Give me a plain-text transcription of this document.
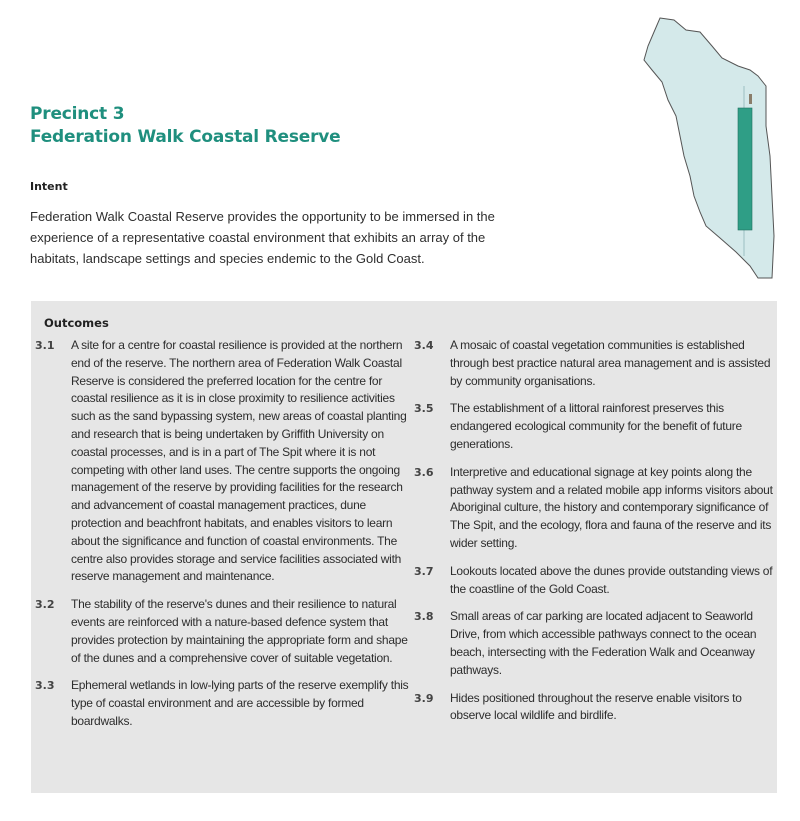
Precinct 3
Federation Walk Coastal Reserve
Intent
Federation Walk Coastal Reserve provides the opportunity to be immersed in the
experience of a representative coastal environment that exhibits an array of the
habitats, landscape settings and species endemic to the Gold Coast.
Outcomes
3.1 A site for a centre for coastal resilience is provided at the northern end of the reserve. The northern area of Federation Walk Coastal Reserve is considered the preferred location for the centre for coastal resilience as it is in close proximity to resilience activities such as the sand bypassing system, new areas of coastal planting and research that is being undertaken by Griffith University on coastal processes, and is in a part of The Spit where it is not competing with other land uses. The centre supports the ongoing management of the reserve by providing facilities for the research and advancement of coastal management practices, dune protection and beachfront habitats, and enables visitors to learn about the significance and function of coastal environments. The centre also provides storage and service facilities associated with reserve management and maintenance.
3.2 The stability of the reserve's dunes and their resilience to natural events are reinforced with a nature-based defence system that provides protection by maintaining the appropriate form and shape of the dunes and a comprehensive cover of suitable vegetation.
3.3 Ephemeral wetlands in low-lying parts of the reserve exemplify this type of coastal environment and are accessible by formed boardwalks.
3.4 A mosaic of coastal vegetation communities is established through best practice natural area management and is assisted by community organisations.
3.5 The establishment of a littoral rainforest preserves this endangered ecological community for the benefit of future generations.
3.6 Interpretive and educational signage at key points along the pathway system and a related mobile app informs visitors about Aboriginal culture, the history and contemporary significance of The Spit, and the ecology, flora and fauna of the reserve and its wider setting.
3.7 Lookouts located above the dunes provide outstanding views of the coastline of the Gold Coast.
3.8 Small areas of car parking are located adjacent to Seaworld Drive, from which accessible pathways connect to the ocean beach, intersecting with the Federation Walk and Oceanway pathways.
3.9 Hides positioned throughout the reserve enable visitors to observe local wildlife and birdlife.
